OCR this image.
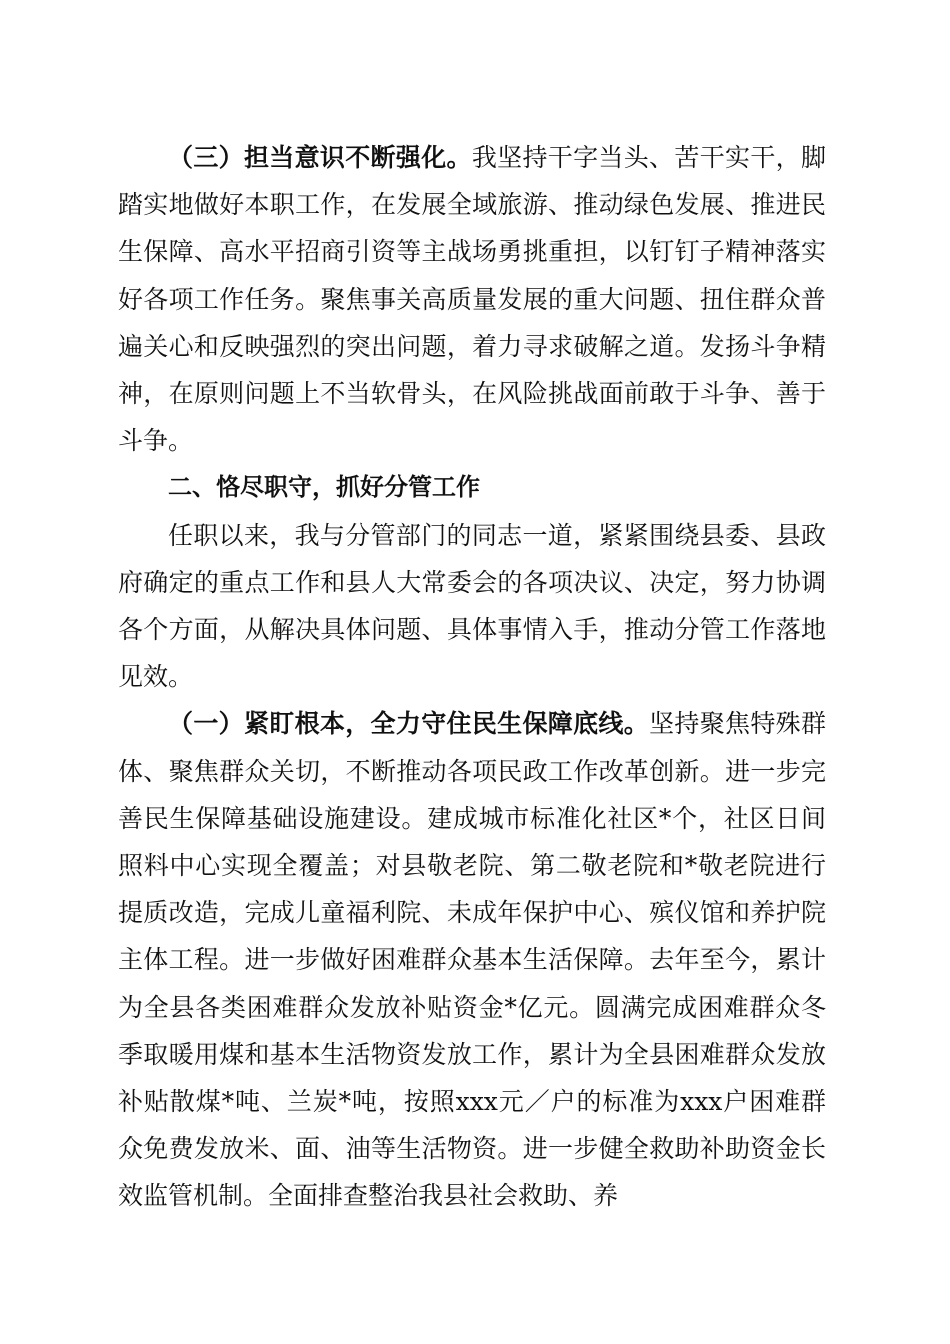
（三）担当意识不断强化。我坚持干字当头、苦干实干，脚踏实地做好本职工作，在发展全域旅游、推动绿色发展、推进民生保障、高水平招商引资等主战场勇挑重担，以钉钉子精神落实好各项工作任务。聚焦事关高质量发展的重大问题、扭住群众普遍关心和反映强烈的突出问题，着力寻求破解之道。发扬斗争精神，在原则问题上不当软骨头，在风险挑战面前敢于斗争、善于斗争。

二、恪尽职守，抓好分管工作

任职以来，我与分管部门的同志一道，紧紧围绕县委、县政府确定的重点工作和县人大常委会的各项决议、决定，努力协调各个方面，从解决具体问题、具体事情入手，推动分管工作落地见效。

（一）紧盯根本，全力守住民生保障底线。坚持聚焦特殊群体、聚焦群众关切，不断推动各项民政工作改革创新。进一步完善民生保障基础设施建设。建成城市标准化社区*个，社区日间照料中心实现全覆盖；对县敬老院、第二敬老院和*敬老院进行提质改造，完成儿童福利院、未成年保护中心、殡仪馆和养护院主体工程。进一步做好困难群众基本生活保障。去年至今，累计为全县各类困难群众发放补贴资金*亿元。圆满完成困难群众冬季取暖用煤和基本生活物资发放工作，累计为全县困难群众发放补贴散煤*吨、兰炭*吨，按照xxx元／户的标准为xxx户困难群众免费发放米、面、油等生活物资。进一步健全救助补助资金长效监管机制。全面排查整治我县社会救助、养
